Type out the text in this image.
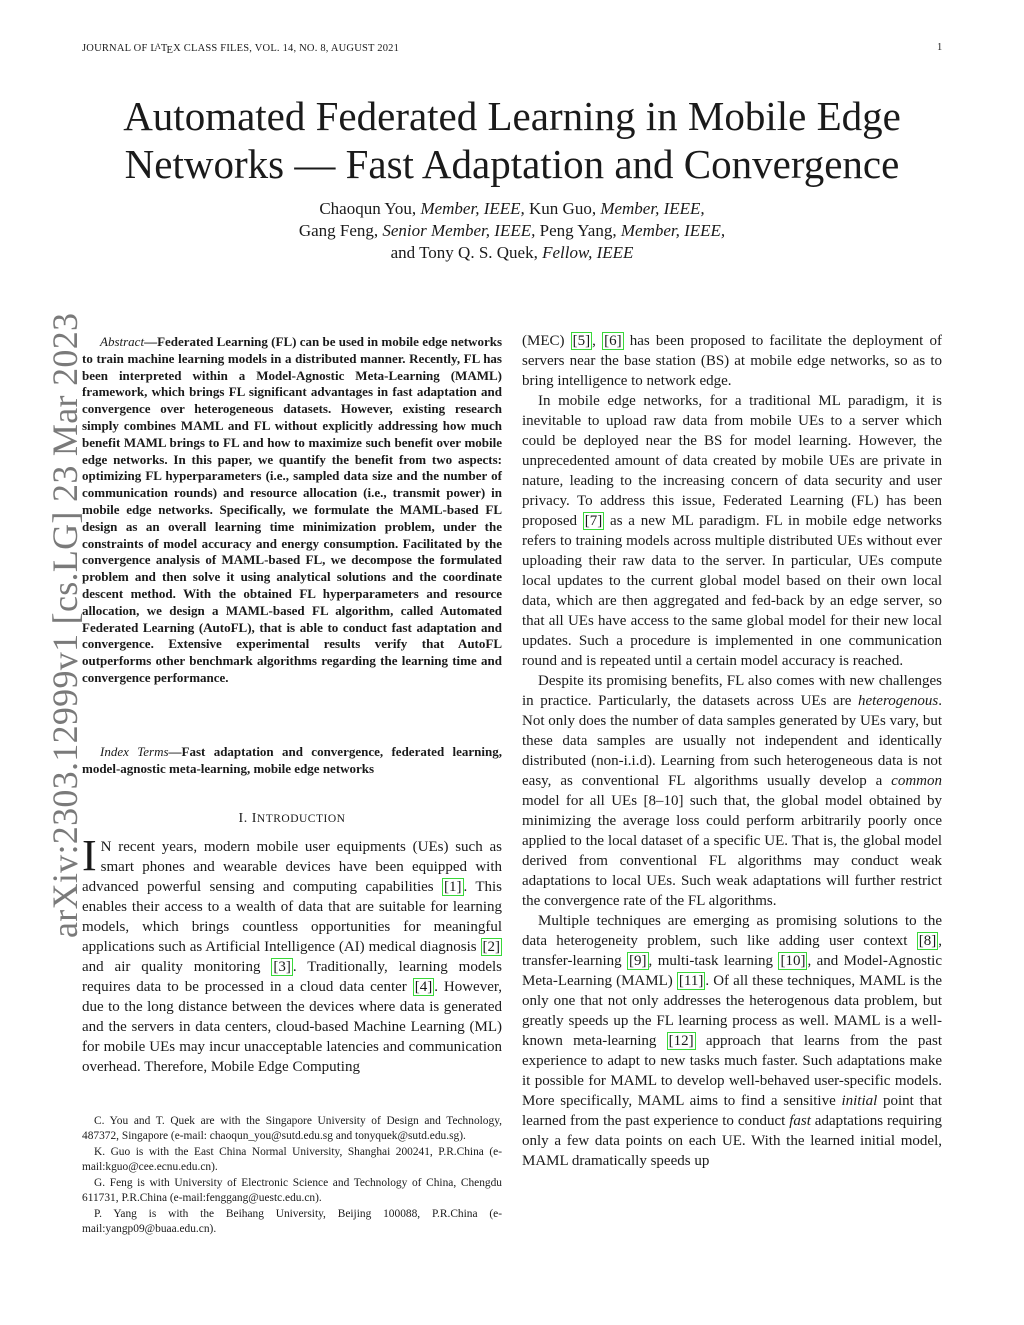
JOURNAL OF LATEX CLASS FILES, VOL. 14, NO. 8, AUGUST 2021	1
arXiv:2303.12999v1 [cs.LG] 23 Mar 2023
Automated Federated Learning in Mobile Edge
Networks — Fast Adaptation and Convergence
Chaoqun You, Member, IEEE, Kun Guo, Member, IEEE,
Gang Feng, Senior Member, IEEE, Peng Yang, Member, IEEE,
and Tony Q. S. Quek, Fellow, IEEE
Abstract—Federated Learning (FL) can be used in mobile edge networks to train machine learning models in a distributed manner. Recently, FL has been interpreted within a Model-Agnostic Meta-Learning (MAML) framework, which brings FL significant advantages in fast adaptation and convergence over heterogeneous datasets. However, existing research simply combines MAML and FL without explicitly addressing how much benefit MAML brings to FL and how to maximize such benefit over mobile edge networks. In this paper, we quantify the benefit from two aspects: optimizing FL hyperparameters (i.e., sampled data size and the number of communication rounds) and resource allocation (i.e., transmit power) in mobile edge networks. Specifically, we formulate the MAML-based FL design as an overall learning time minimization problem, under the constraints of model accuracy and energy consumption. Facilitated by the convergence analysis of MAML-based FL, we decompose the formulated problem and then solve it using analytical solutions and the coordinate descent method. With the obtained FL hyperparameters and resource allocation, we design a MAML-based FL algorithm, called Automated Federated Learning (AutoFL), that is able to conduct fast adaptation and convergence. Extensive experimental results verify that AutoFL outperforms other benchmark algorithms regarding the learning time and convergence performance.
Index Terms—Fast adaptation and convergence, federated learning, model-agnostic meta-learning, mobile edge networks
I. INTRODUCTION
I N recent years, modern mobile user equipments (UEs) such as smart phones and wearable devices have been equipped with advanced powerful sensing and computing capabilities [1] . This enables their access to a wealth of data that are suitable for learning models, which brings countless opportunities for meaningful applications such as Artificial Intelligence (AI) medical diagnosis [2] and air quality monitoring [3] . Traditionally, learning models requires data to be processed in a cloud data center [4] . However, due to the long distance between the devices where data is generated and the servers in data centers, cloud-based Machine Learning (ML) for mobile UEs may incur unacceptable latencies and communication overhead. Therefore, Mobile Edge Computing

C. You and T. Quek are with the Singapore University of Design and Technology, 487372, Singapore (e-mail: chaoqun_you@sutd.edu.sg and tonyquek@sutd.edu.sg).

K. Guo is with the East China Normal University, Shanghai 200241, P.R.China (e-mail:kguo@cee.ecnu.edu.cn).

G. Feng is with University of Electronic Science and Technology of China, Chengdu 611731, P.R.China (e-mail:fenggang@uestc.edu.cn).

P. Yang is with the Beihang University, Beijing 100088, P.R.China (e-mail:yangp09@buaa.edu.cn).

(MEC) [5] , [6] has been proposed to facilitate the deployment of servers near the base station (BS) at mobile edge networks, so as to bring intelligence to network edge.

In mobile edge networks, for a traditional ML paradigm, it is inevitable to upload raw data from mobile UEs to a server which could be deployed near the BS for model learning. However, the unprecedented amount of data created by mobile UEs are private in nature, leading to the increasing concern of data security and user privacy. To address this issue, Federated Learning (FL) has been proposed [7] as a new ML paradigm. FL in mobile edge networks refers to training models across multiple distributed UEs without ever uploading their raw data to the server. In particular, UEs compute local updates to the current global model based on their own local data, which are then aggregated and fed-back by an edge server, so that all UEs have access to the same global model for their new local updates. Such a procedure is implemented in one communication round and is repeated until a certain model accuracy is reached.

Despite its promising benefits, FL also comes with new challenges in practice. Particularly, the datasets across UEs are heterogenous. Not only does the number of data samples generated by UEs vary, but these data samples are usually not independent and identically distributed (non-i.i.d). Learning from such heterogeneous data is not easy, as conventional FL algorithms usually develop a common model for all UEs [8–10] such that, the global model obtained by minimizing the average loss could perform arbitrarily poorly once applied to the local dataset of a specific UE. That is, the global model derived from conventional FL algorithms may conduct weak adaptations to local UEs. Such weak adaptations will further restrict the convergence rate of the FL algorithms.

Multiple techniques are emerging as promising solutions to the data heterogeneity problem, such like adding user context [8] , transfer-learning [9] , multi-task learning [10] , and Model-Agnostic Meta-Learning (MAML) [11] . Of all these techniques, MAML is the only one that not only addresses the heterogenous data problem, but greatly speeds up the FL learning process as well. MAML is a well-known meta-learning [12] approach that learns from the past experience to adapt to new tasks much faster. Such adaptations make it possible for MAML to develop well-behaved user-specific models. More specifically, MAML aims to find a sensitive initial point that learned from the past experience to conduct fast adaptations requiring only a few data points on each UE. With the learned initial model, MAML dramatically speeds up
